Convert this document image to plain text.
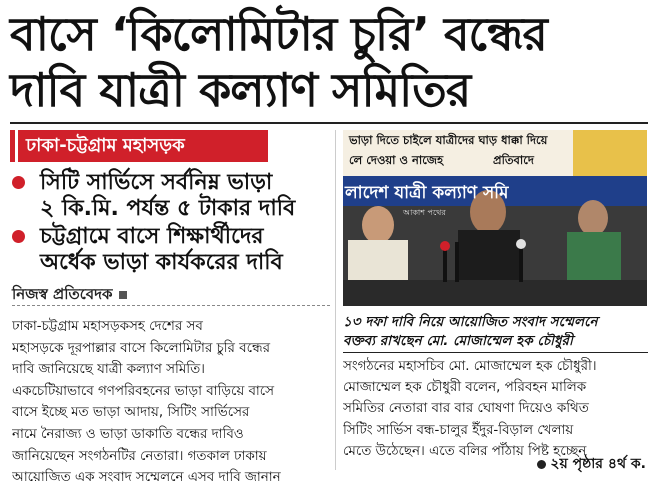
বাসে ‘কিলোমিটার চুরি’ বন্ধের
দাবি যাত্রী কল্যাণ সমিতির
ঢাকা-চট্টগ্রাম মহাসড়ক
সিটি সার্ভিসে সর্বনিম্ন ভাড়া
২ কি.মি. পর্যন্ত ৫ টাকার দাবি
চট্টগ্রামে বাসে শিক্ষার্থীদের
অর্ধেক ভাড়া কার্যকরের দাবি
নিজস্ব প্রতিবেদক
ঢাকা-চট্টগ্রাম মহাসড়কসহ দেশের সব
মহাসড়কে দূরপাল্লার বাসে কিলোমিটার চুরি বন্ধের
দাবি জানিয়েছে যাত্রী কল্যাণ সমিতি।
একচেটিয়াভাবে গণপরিবহনের ভাড়া বাড়িয়ে বাসে
বাসে ইচ্ছে মত ভাড়া আদায়, সিটিং সার্ভিসের
নামে নৈরাজ্য ও ভাড়া ডাকাতি বন্ধের দাবিও
জানিয়েছেন সংগঠনটির নেতারা। গতকাল ঢাকায়
আয়োজিত এক সংবাদ সম্মেলনে এসব দাবি জানান
ভাড়া দিতে চাইলে যাত্রীদের ঘাড় ধাক্কা দিয়ে
লে দেওয়া ও নাজেহ	প্রতিবাদে
লাদেশ যাত্রী কল্যাণ সমি
আকাশ পথের
১৩ দফা দাবি নিয়ে আয়োজিত সংবাদ সম্মেলনে
বক্তব্য রাখছেন মো. মোজাম্মেল হক চৌধুরী
সংগঠনের মহাসচিব মো. মোজাম্মেল হক চৌধুরী।
মোজাম্মেল হক চৌধুরী বলেন, পরিবহন মালিক
সমিতির নেতারা বার বার ঘোষণা দিয়েও কথিত
সিটিং সার্ভিস বন্ধ-চালুর ইঁদুর-বিড়াল খেলায়
মেতে উঠেছেন। এতে বলির পাঁঠায় পিষ্ট হচ্ছেন
২য় পৃষ্ঠার ৪র্থ ক.
